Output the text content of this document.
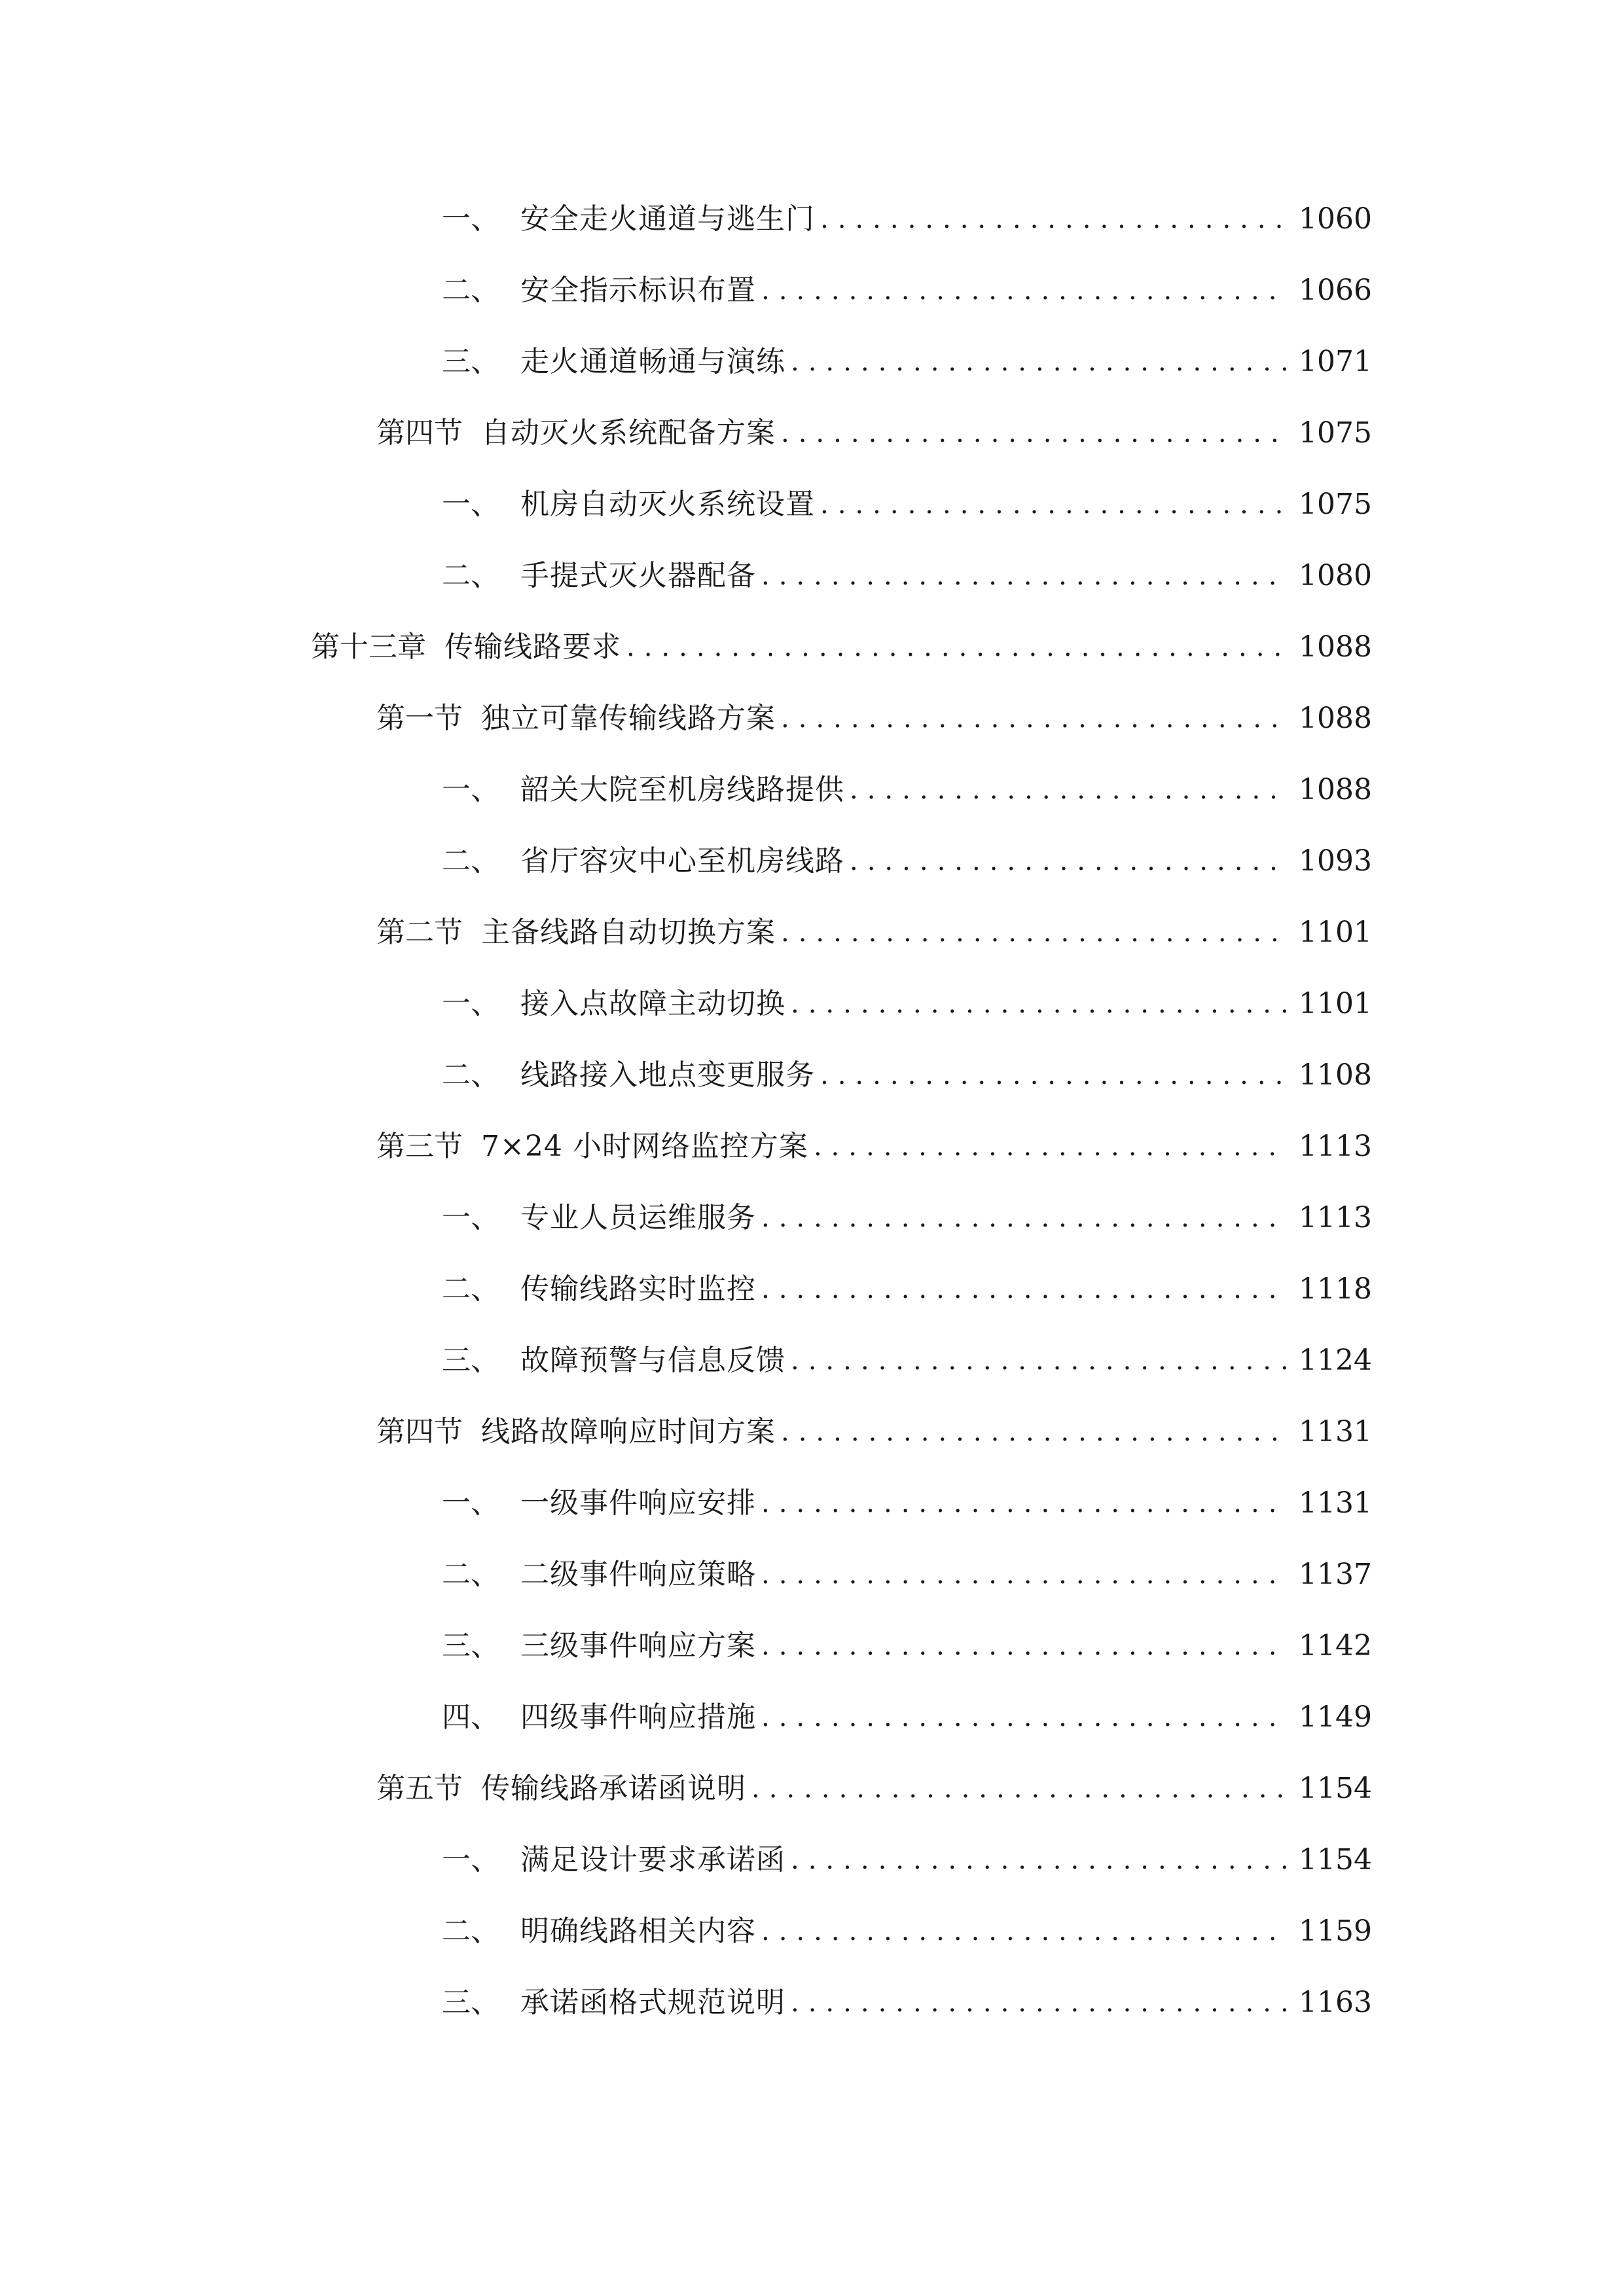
一、 安全走火通道与逃生门 .....	1060
二、 安全指示标识布置 .....	1066
三、 走火通道畅通与演练 .....	1071
第四节 自动灭火系统配备方案 .....	1075
一、 机房自动灭火系统设置 .....	1075
二、 手提式灭火器配备 .....	1080
第十三章 传输线路要求 .....	1088
第一节 独立可靠传输线路方案 .....	1088
一、 韶关大院至机房线路提供 .....	1088
二、 省厅容灾中心至机房线路 .....	1093
第二节 主备线路自动切换方案 .....	1101
一、 接入点故障主动切换 .....	1101
二、 线路接入地点变更服务 .....	1108
第三节 7×24 小时网络监控方案 .....	1113
一、 专业人员运维服务 .....	1113
二、 传输线路实时监控 .....	1118
三、 故障预警与信息反馈 .....	1124
第四节 线路故障响应时间方案 .....	1131
一、 一级事件响应安排 .....	1131
二、 二级事件响应策略 .....	1137
三、 三级事件响应方案 .....	1142
四、 四级事件响应措施 .....	1149
第五节 传输线路承诺函说明 .....	1154
一、 满足设计要求承诺函 .....	1154
二、 明确线路相关内容 .....	1159
三、 承诺函格式规范说明 .....	1163
